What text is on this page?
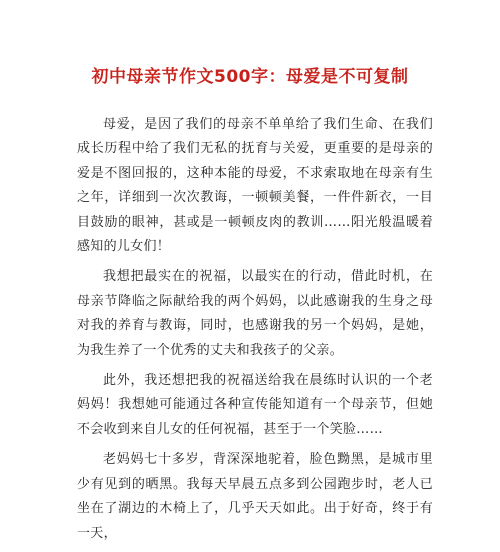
初中母亲节作文500字：母爱是不可复制

母爱，是因了我们的母亲不单单给了我们生命、在我们成长历程中给了我们无私的抚育与关爱，更重要的是母亲的爱是不图回报的，这种本能的母爱，不求索取地在母亲有生之年，详细到一次次教诲，一顿顿美餐，一件件新衣，一目目鼓励的眼神，甚或是一顿顿皮肉的教训……阳光般温暖着感知的儿女们！

我想把最实在的祝福，以最实在的行动，借此时机，在母亲节降临之际献给我的两个妈妈，以此感谢我的生身之母对我的养育与教诲，同时，也感谢我的另一个妈妈，是她，为我生养了一个优秀的丈夫和我孩子的父亲。

此外，我还想把我的祝福送给我在晨练时认识的一个老妈妈！我想她可能通过各种宣传能知道有一个母亲节，但她不会收到来自儿女的任何祝福，甚至于一个笑脸……

老妈妈七十多岁，背深深地驼着，脸色黝黑，是城市里少有见到的晒黑。我每天早晨五点多到公园跑步时，老人已坐在了湖边的木椅上了，几乎天天如此。出于好奇，终于有一天，
